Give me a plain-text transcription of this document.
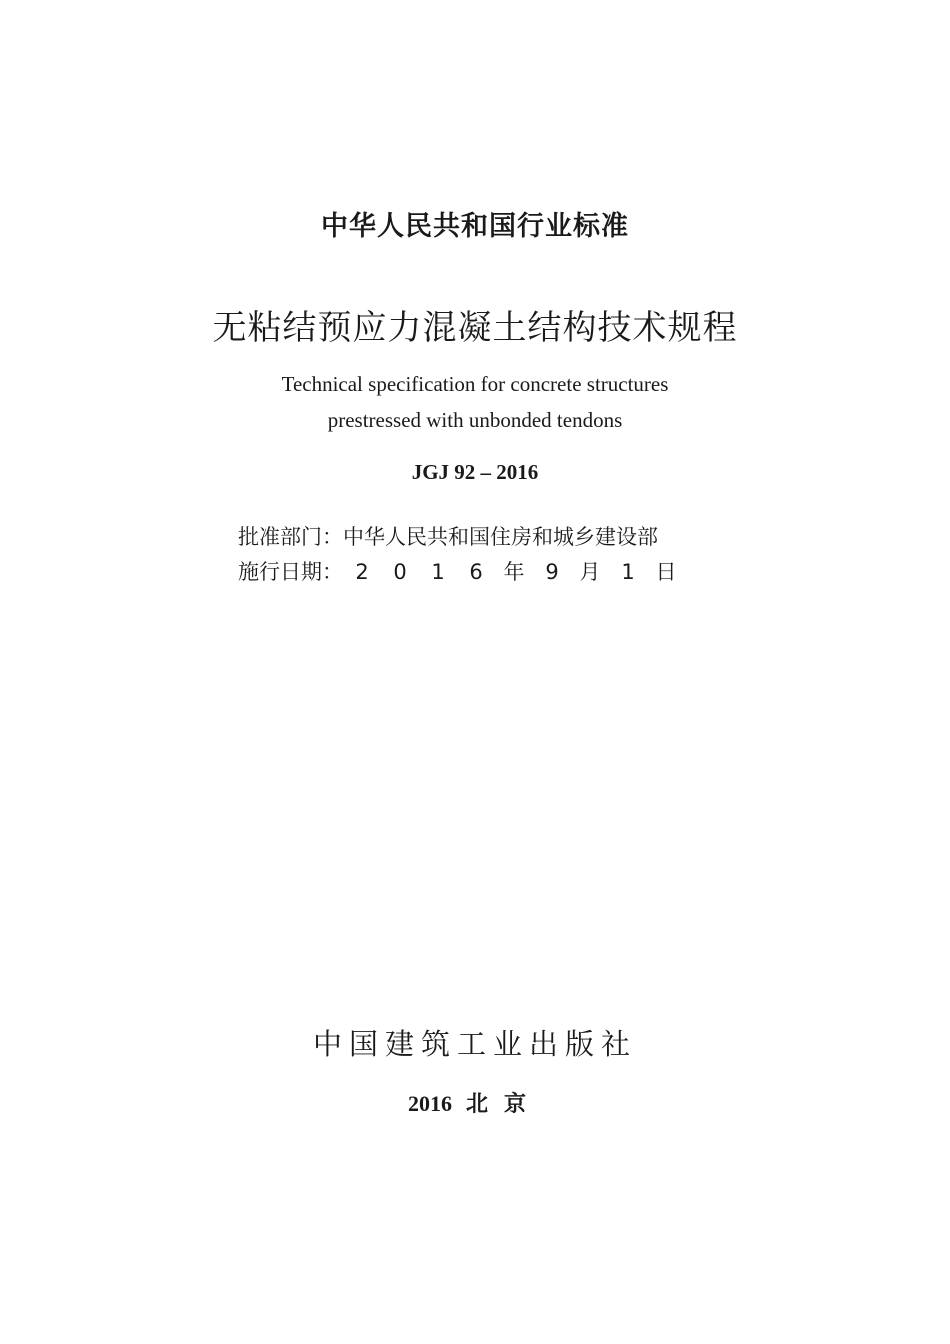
中华人民共和国行业标准
无粘结预应力混凝土结构技术规程
Technical specification for concrete structures
prestressed with unbonded tendons
JGJ 92 – 2016
批准部门：中华人民共和国住房和城乡建设部
施行日期： 2 0 1 6 年 9 月 1 日
中国建筑工业出版社
2016 北京
